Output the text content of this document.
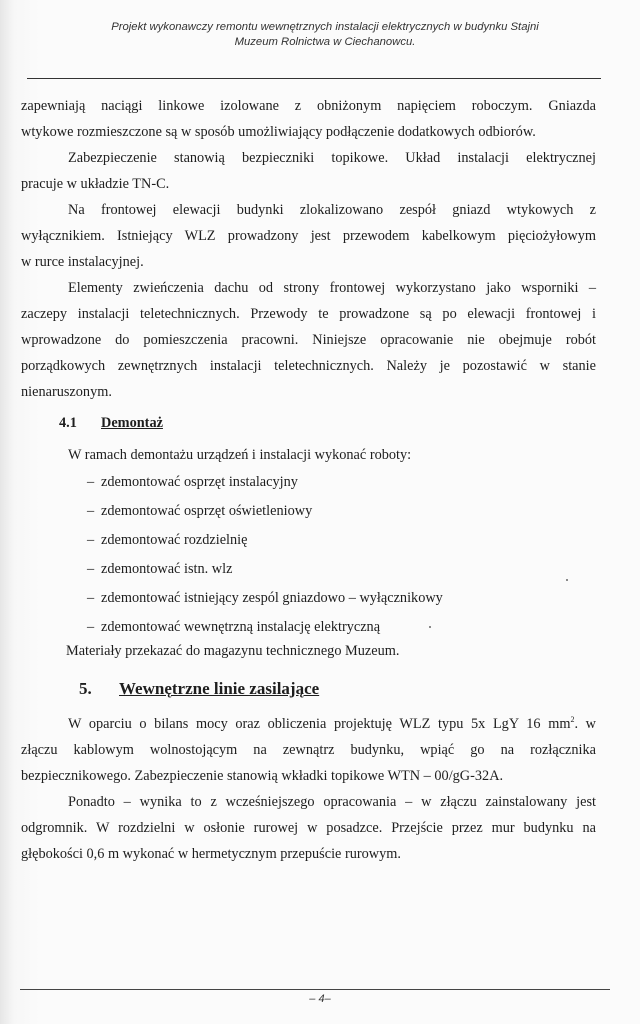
Projekt wykonawczy remontu wewnętrznych instalacji elektrycznych w budynku Stajni
Muzeum Rolnictwa w Ciechanowcu.
zapewniają naciągi linkowe izolowane z obniżonym napięciem roboczym. Gniazda
wtykowe rozmieszczone są w sposób umożliwiający podłączenie dodatkowych odbiorów.
Zabezpieczenie stanowią bezpieczniki topikowe. Układ instalacji elektrycznej
pracuje w układzie TN-C.
Na frontowej elewacji budynki zlokalizowano zespół gniazd wtykowych z
wyłącznikiem. Istniejący WLZ prowadzony jest przewodem kabelkowym pięciożyłowym
w rurce instalacyjnej.
Elementy zwieńczenia dachu od strony frontowej wykorzystano jako wsporniki –
zaczepy instalacji teletechnicznych. Przewody te prowadzone są po elewacji frontowej i
wprowadzone do pomieszczenia pracowni. Niniejsze opracowanie nie obejmuje robót
porządkowych zewnętrznych instalacji teletechnicznych. Należy je pozostawić w stanie
nienaruszonym.
4.1 Demontaż
W ramach demontażu urządzeń i instalacji wykonać roboty:
– zdemontować osprzęt instalacyjny
– zdemontować osprzęt oświetleniowy
– zdemontować rozdzielnię
– zdemontować istn. wlz
– zdemontować istniejący zespól gniazdowo – wyłącznikowy
– zdemontować wewnętrzną instalację elektryczną
Materiały przekazać do magazynu technicznego Muzeum.
5. Wewnętrzne linie zasilające
W oparciu o bilans mocy oraz obliczenia projektuję WLZ typu 5x LgY 16 $mm^2$. w
złączu kablowym wolnostojącym na zewnątrz budynku, wpiąć go na rozłącznika
bezpiecznikowego. Zabezpieczenie stanowią wkładki topikowe WTN – 00/gG-32A.
Ponadto – wynika to z wcześniejszego opracowania – w złączu zainstalowany jest
odgromnik. W rozdzielni w osłonie rurowej w posadzce. Przejście przez mur budynku na
głębokości 0,6 m wykonać w hermetycznym przepuście rurowym.
– 4–
